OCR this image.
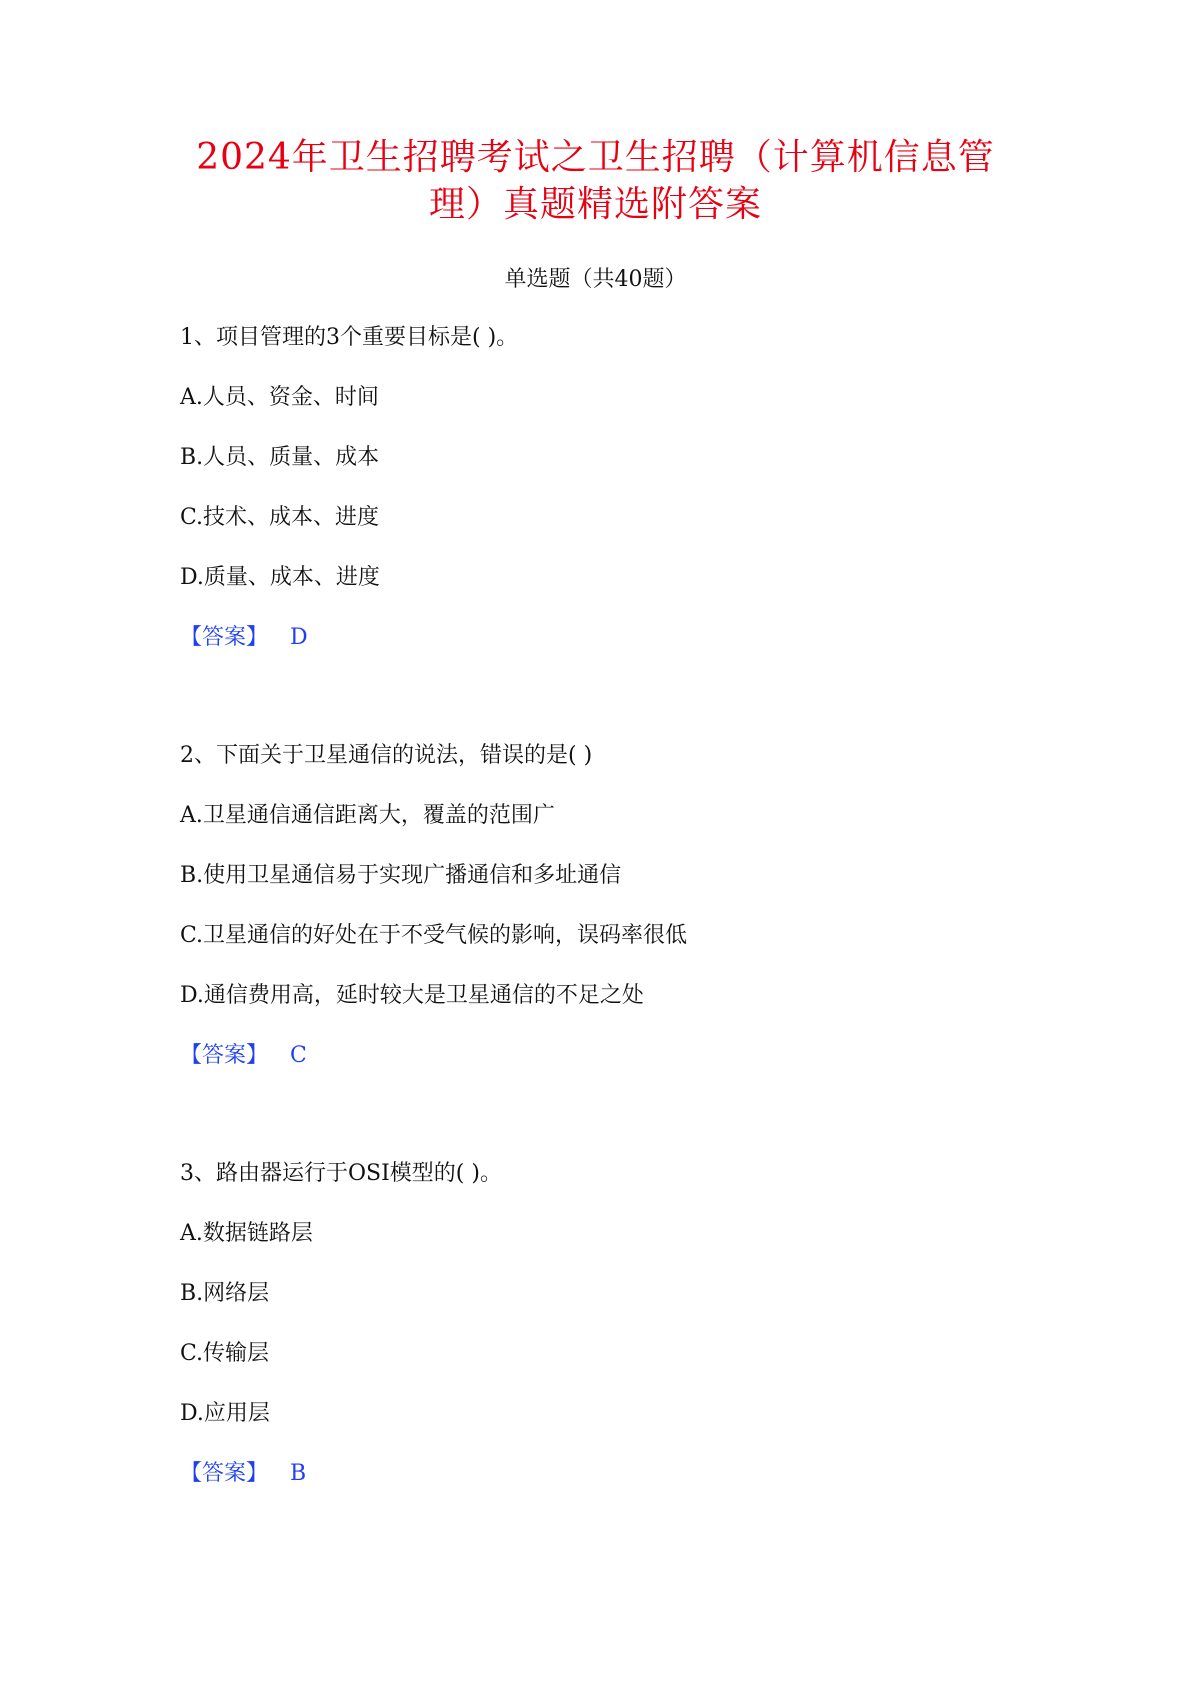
2024年卫生招聘考试之卫生招聘（计算机信息管
理）真题精选附答案
单选题（共40题）
1、项目管理的3个重要目标是( )。
A.人员、资金、时间
B.人员、质量、成本
C.技术、成本、进度
D.质量、成本、进度
【答案】 D
2、下面关于卫星通信的说法，错误的是( )
A.卫星通信通信距离大，覆盖的范围广
B.使用卫星通信易于实现广播通信和多址通信
C.卫星通信的好处在于不受气候的影响，误码率很低
D.通信费用高，延时较大是卫星通信的不足之处
【答案】 C
3、路由器运行于OSI模型的( )。
A.数据链路层
B.网络层
C.传输层
D.应用层
【答案】 B
